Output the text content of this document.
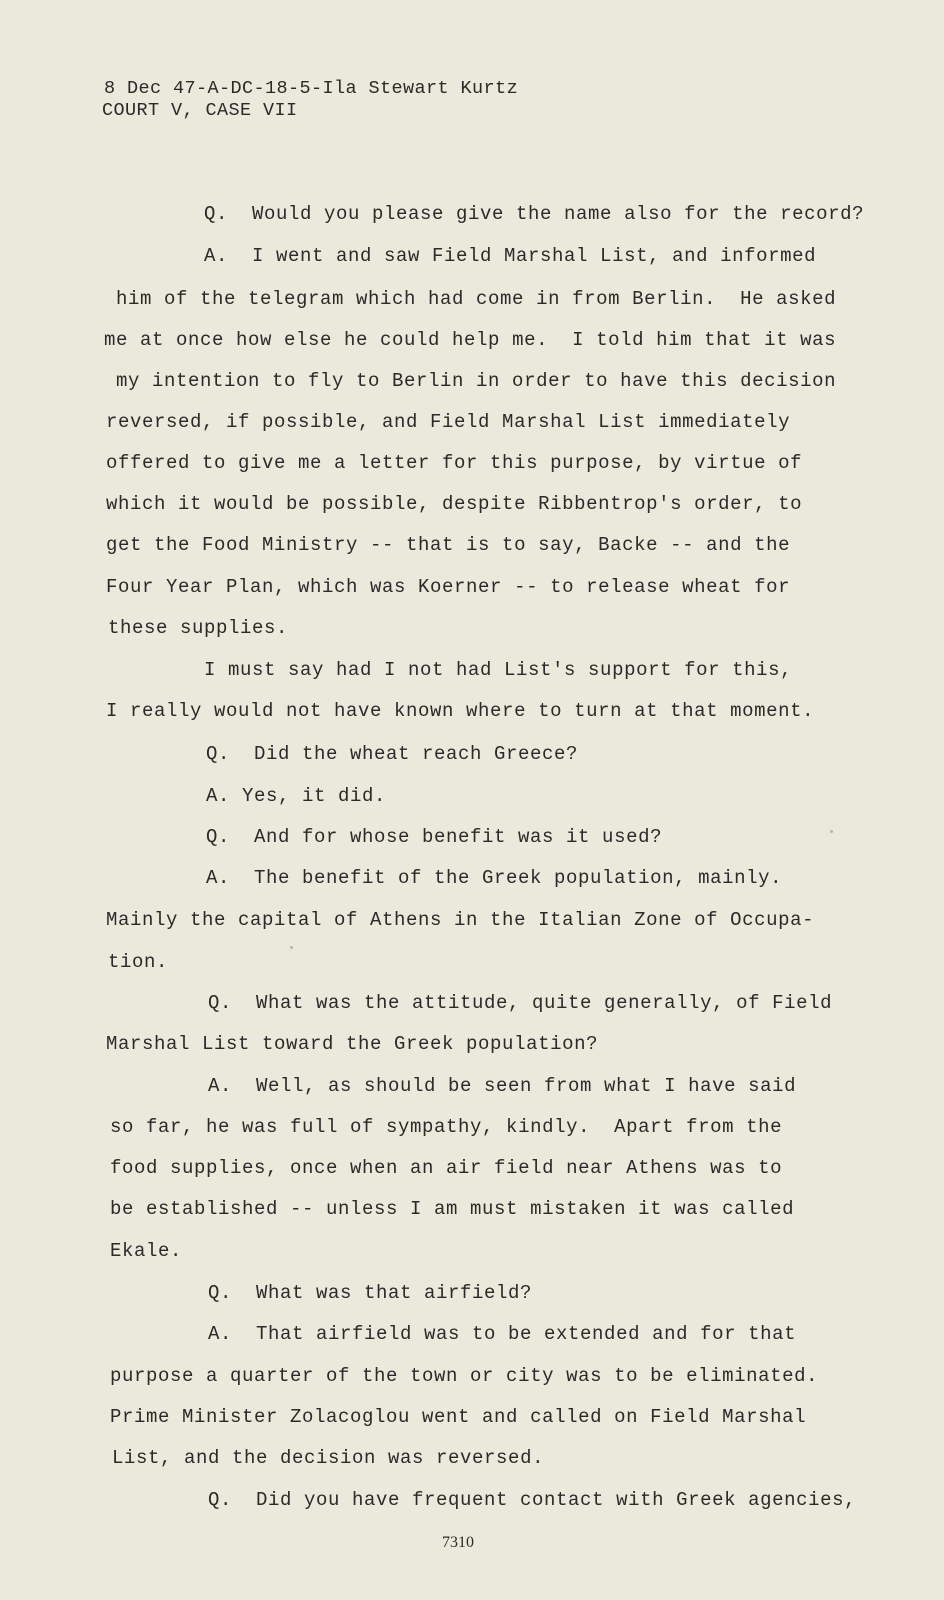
8 Dec 47-A-DC-18-5-Ila Stewart Kurtz
COURT V, CASE VII
Q.  Would you please give the name also for the record?
A.  I went and saw Field Marshal List, and informed
him of the telegram which had come in from Berlin.  He asked
me at once how else he could help me.  I told him that it was
my intention to fly to Berlin in order to have this decision
reversed, if possible, and Field Marshal List immediately
offered to give me a letter for this purpose, by virtue of
which it would be possible, despite Ribbentrop's order, to
get the Food Ministry -- that is to say, Backe -- and the
Four Year Plan, which was Koerner -- to release wheat for
these supplies.
I must say had I not had List's support for this,
I really would not have known where to turn at that moment.
Q.  Did the wheat reach Greece?
A. Yes, it did.
Q.  And for whose benefit was it used?
A.  The benefit of the Greek population, mainly.
Mainly the capital of Athens in the Italian Zone of Occupa-
tion.
Q.  What was the attitude, quite generally, of Field
Marshal List toward the Greek population?
A.  Well, as should be seen from what I have said
so far, he was full of sympathy, kindly.  Apart from the
food supplies, once when an air field near Athens was to
be established -- unless I am must mistaken it was called
Ekale.
Q.  What was that airfield?
A.  That airfield was to be extended and for that
purpose a quarter of the town or city was to be eliminated.
Prime Minister Zolacoglou went and called on Field Marshal
List, and the decision was reversed.
Q.  Did you have frequent contact with Greek agencies,
7310
